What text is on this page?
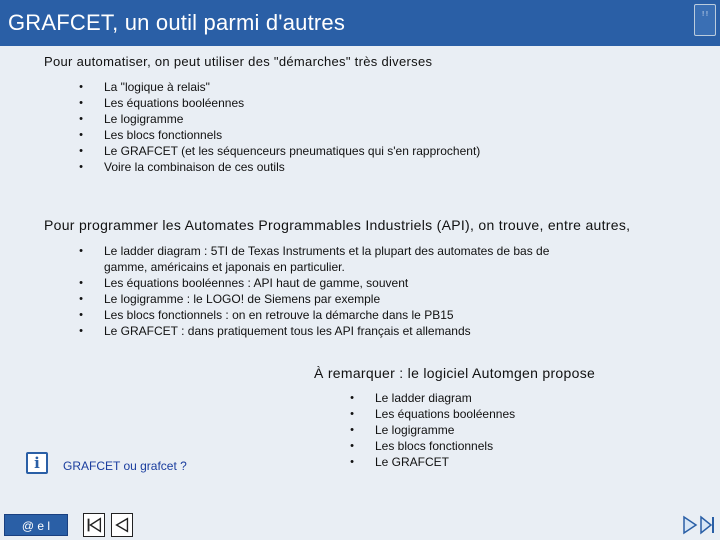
GRAFCET, un outil parmi d'autres	! !
Pour automatiser, on peut utiliser des "démarches" très diverses
• La "logique à relais"
• Les équations booléennes
• Le logigramme
• Les blocs fonctionnels
• Le GRAFCET (et les séquenceurs pneumatiques qui s'en rapprochent)
• Voire la combinaison de ces outils
Pour programmer les Automates Programmables Industriels (API), on trouve, entre autres,
• Le ladder diagram : 5TI de Texas Instruments et la plupart des automates de bas de gamme, américains et japonais en particulier.
• Les équations booléennes : API haut de gamme, souvent
• Le logigramme : le LOGO! de Siemens par exemple
• Les blocs fonctionnels : on en retrouve la démarche dans le PB15
• Le GRAFCET : dans pratiquement tous les API français et allemands
À remarquer : le logiciel Automgen propose
• Le ladder diagram
• Les équations booléennes
• Le logigramme
• Les blocs fonctionnels
• Le GRAFCET
i	GRAFCET ou grafcet ?
@ e l
